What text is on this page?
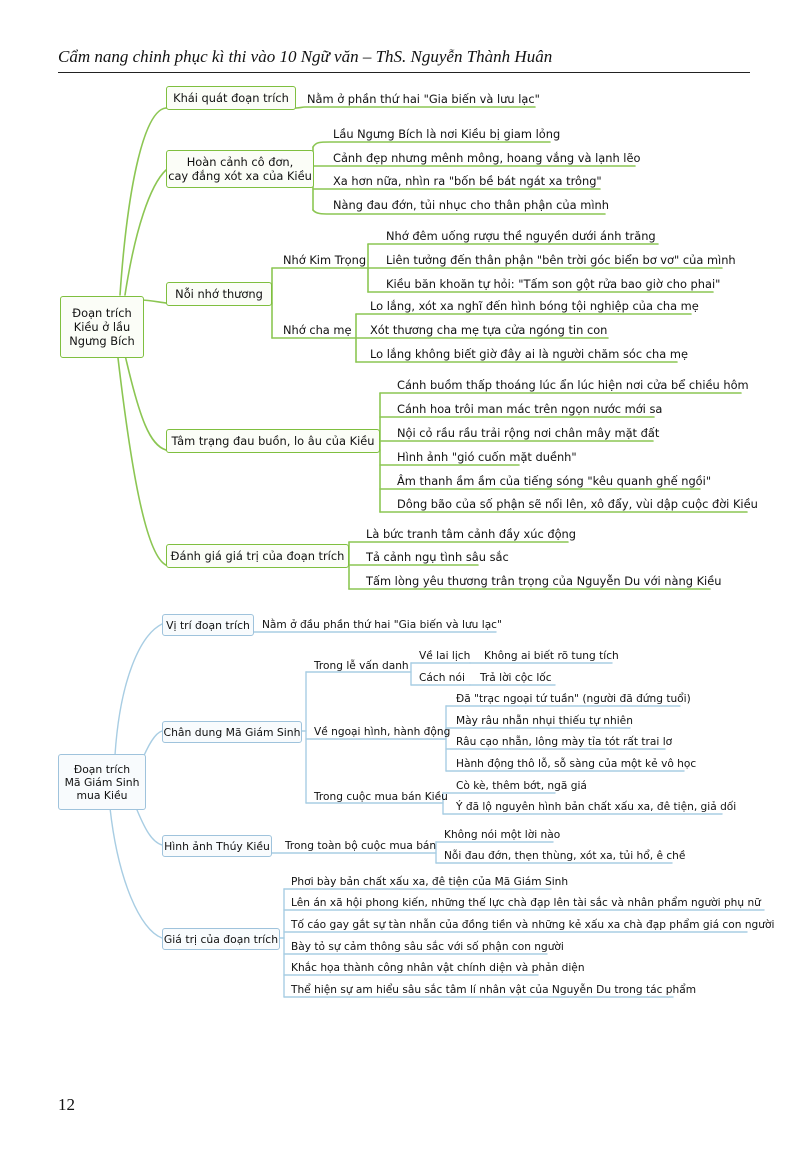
Cẩm nang chinh phục kì thi vào 10 Ngữ văn – ThS. Nguyễn Thành Huân
Đoạn trích
Kiều ở lầu
Ngưng Bích
Khái quát đoạn trích Nằm ở phần thứ hai "Gia biến và lưu lạc"
Hoàn cảnh cô đơn,
cay đắng xót xa của Kiều
Lầu Ngưng Bích là nơi Kiều bị giam lỏng
Cảnh đẹp nhưng mênh mông, hoang vắng và lạnh lẽo
Xa hơn nữa, nhìn ra "bốn bề bát ngát xa trông"
Nàng đau đớn, tủi nhục cho thân phận của mình
Nỗi nhớ thương
Nhớ Kim Trọng
Nhớ đêm uống rượu thề nguyền dưới ánh trăng
Liên tưởng đến thân phận "bên trời góc biển bơ vơ" của mình
Kiều băn khoăn tự hỏi: "Tấm son gột rửa bao giờ cho phai"
Nhớ cha mẹ
Lo lắng, xót xa nghĩ đến hình bóng tội nghiệp của cha mẹ
Xót thương cha mẹ tựa cửa ngóng tin con
Lo lắng không biết giờ đây ai là người chăm sóc cha mẹ
Tâm trạng đau buồn, lo âu của Kiều
Cánh buồm thấp thoáng lúc ẩn lúc hiện nơi cửa bể chiều hôm
Cánh hoa trôi man mác trên ngọn nước mới sa
Nội cỏ rầu rầu trải rộng nơi chân mây mặt đất
Hình ảnh "gió cuốn mặt duềnh"
Âm thanh ầm ầm của tiếng sóng "kêu quanh ghế ngồi"
Dông bão của số phận sẽ nổi lên, xô đẩy, vùi dập cuộc đời Kiều
Đánh giá giá trị của đoạn trích
Là bức tranh tâm cảnh đầy xúc động
Tả cảnh ngụ tình sâu sắc
Tấm lòng yêu thương trân trọng của Nguyễn Du với nàng Kiều
Đoạn trích
Mã Giám Sinh
mua Kiều
Vị trí đoạn trích Nằm ở đầu phần thứ hai "Gia biến và lưu lạc"
Chân dung Mã Giám Sinh
Trong lễ vấn danh
Về lai lịch Không ai biết rõ tung tích
Cách nói Trả lời cộc lốc
Về ngoại hình, hành động
Đã "trạc ngoại tứ tuần" (người đã đứng tuổi)
Mày râu nhẵn nhụi thiếu tự nhiên
Râu cạo nhẵn, lông mày tỉa tót rất trai lơ
Hành động thô lỗ, sỗ sàng của một kẻ vô học
Trong cuộc mua bán Kiều
Cò kè, thêm bớt, ngã giá
Ý đã lộ nguyên hình bản chất xấu xa, đê tiện, giả dối
Hình ảnh Thúy Kiều Trong toàn bộ cuộc mua bán
Không nói một lời nào
Nỗi đau đớn, thẹn thùng, xót xa, tủi hổ, ê chề
Giá trị của đoạn trích
Phơi bày bản chất xấu xa, đê tiện của Mã Giám Sinh
Lên án xã hội phong kiến, những thế lực chà đạp lên tài sắc và nhân phẩm người phụ nữ
Tố cáo gay gắt sự tàn nhẫn của đồng tiền và những kẻ xấu xa chà đạp phẩm giá con người
Bày tỏ sự cảm thông sâu sắc với số phận con người
Khắc họa thành công nhân vật chính diện và phản diện
Thể hiện sự am hiểu sâu sắc tâm lí nhân vật của Nguyễn Du trong tác phẩm
12
